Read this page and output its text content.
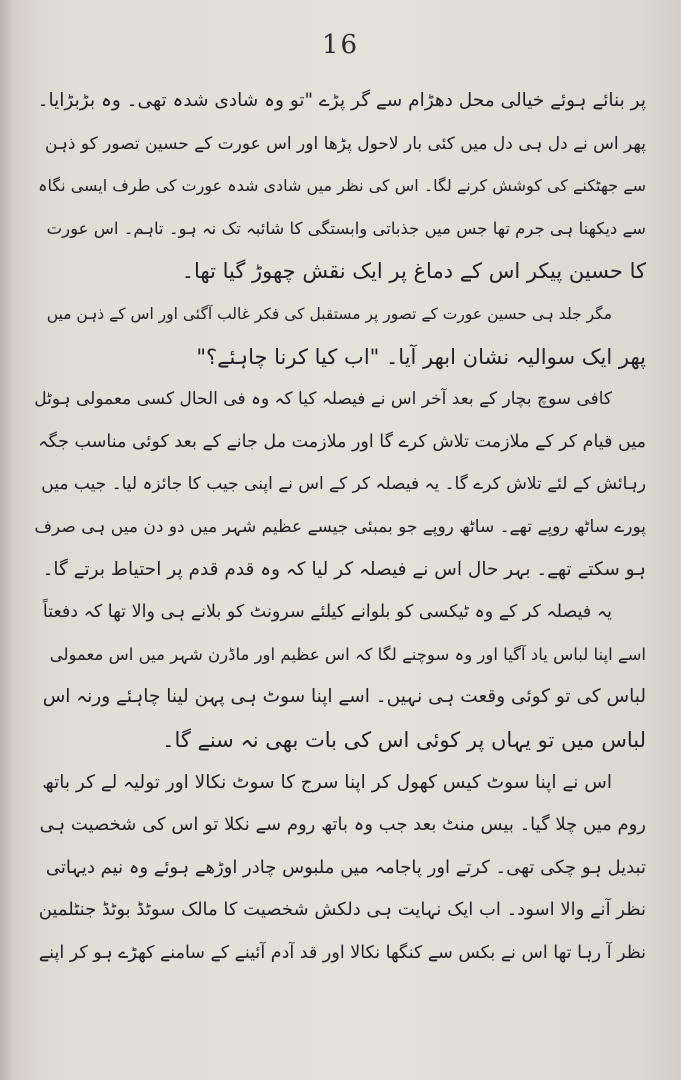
16
پر بنائے ہوئے خیالی محل دھڑام سے گر پڑے "تو وہ شادی شدہ تھی۔ وہ بڑبڑایا۔
پھر اس نے دل ہی دل میں کئی بار لاحول پڑھا اور اس عورت کے حسین تصور کو ذہن
سے جھٹکنے کی کوشش کرنے لگا۔ اس کی نظر میں شادی شدہ عورت کی طرف ایسی نگاہ
سے دیکھنا ہی جرم تھا جس میں جذباتی وابستگی کا شائبہ تک نہ ہو۔ تاہم۔ اس عورت
کا حسین پیکر اس کے دماغ پر ایک نقش چھوڑ گیا تھا۔
مگر جلد ہی حسین عورت کے تصور پر مستقبل کی فکر غالب آگئی اور اس کے ذہن میں
پھر ایک سوالیہ نشان ابھر آیا۔ "اب کیا کرنا چاہئے؟"
کافی سوچ بچار کے بعد آخر اس نے فیصلہ کیا کہ وہ فی الحال کسی معمولی ہوٹل
میں قیام کر کے ملازمت تلاش کرے گا اور ملازمت مل جانے کے بعد کوئی مناسب جگہ
رہائش کے لئے تلاش کرے گا۔ یہ فیصلہ کر کے اس نے اپنی جیب کا جائزہ لیا۔ جیب میں
پورے ساٹھ روپے تھے۔ ساٹھ روپے جو بمبئی جیسے عظیم شہر میں دو دن میں ہی صرف
ہو سکتے تھے۔ بہر حال اس نے فیصلہ کر لیا کہ وہ قدم قدم پر احتیاط برتے گا۔
یہ فیصلہ کر کے وہ ٹیکسی کو بلوانے کیلئے سرونٹ کو بلانے ہی والا تھا کہ دفعتاً
اسے اپنا لباس یاد آگیا اور وہ سوچنے لگا کہ اس عظیم اور ماڈرن شہر میں اس معمولی
لباس کی تو کوئی وقعت ہی نہیں۔ اسے اپنا سوٹ ہی پہن لینا چاہئے ورنہ اس
لباس میں تو یہاں پر کوئی اس کی بات بھی نہ سنے گا۔
اس نے اپنا سوٹ کیس کھول کر اپنا سرج کا سوٹ نکالا اور تولیہ لے کر باتھ
روم میں چلا گیا۔ بیس منٹ بعد جب وہ باتھ روم سے نکلا تو اس کی شخصیت ہی
تبدیل ہو چکی تھی۔ کرتے اور پاجامہ میں ملبوس چادر اوڑھے ہوئے وہ نیم دیہاتی
نظر آنے والا اسود۔ اب ایک نہایت ہی دلکش شخصیت کا مالک سوٹڈ بوٹڈ جنٹلمین
نظر آ رہا تھا اس نے بکس سے کنگھا نکالا اور قد آدم آئینے کے سامنے کھڑے ہو کر اپنے
